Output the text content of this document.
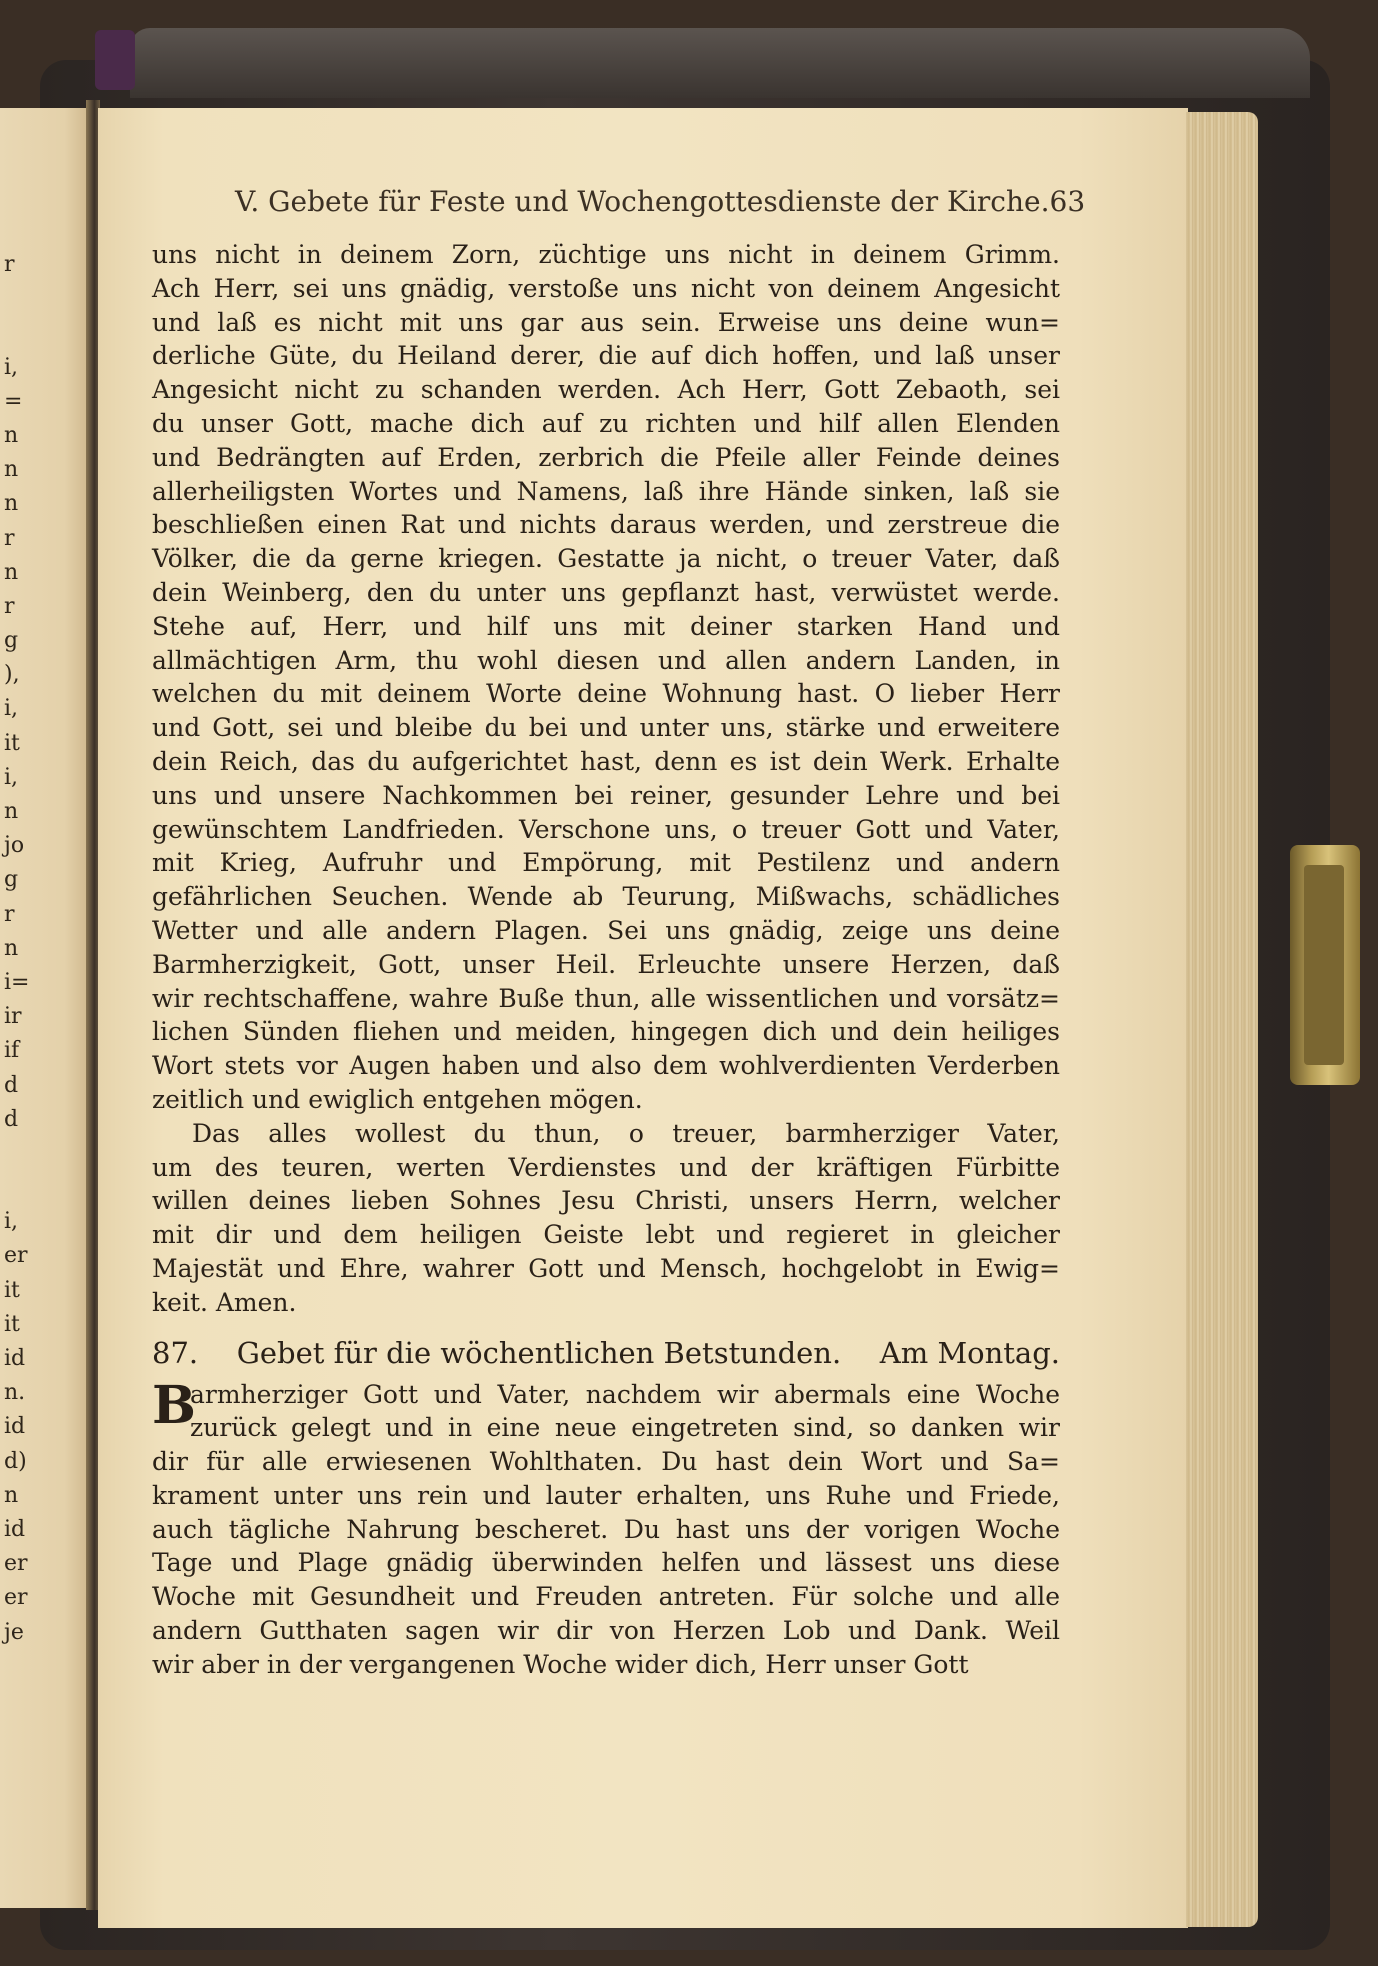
r
i,
=
n
n
n
r
n
r
g
),
i,
it
i,
n
jo
g
r
n
i=
ir
if
d
d
i,
er
it
it
id
n.
id
d)
n
id
er
er
je
V. Gebete für Feste und Wochengottesdienste der Kirche. 63
uns nicht in deinem Zorn, züchtige uns nicht in deinem Grimm.
Ach Herr, sei uns gnädig, verstoße uns nicht von deinem Angesicht
und laß es nicht mit uns gar aus sein. Erweise uns deine wun=
derliche Güte, du Heiland derer, die auf dich hoffen, und laß unser
Angesicht nicht zu schanden werden. Ach Herr, Gott Zebaoth, sei
du unser Gott, mache dich auf zu richten und hilf allen Elenden
und Bedrängten auf Erden, zerbrich die Pfeile aller Feinde deines
allerheiligsten Wortes und Namens, laß ihre Hände sinken, laß sie
beschließen einen Rat und nichts daraus werden, und zerstreue die
Völker, die da gerne kriegen. Gestatte ja nicht, o treuer Vater, daß
dein Weinberg, den du unter uns gepflanzt hast, verwüstet werde.
Stehe auf, Herr, und hilf uns mit deiner starken Hand und
allmächtigen Arm, thu wohl diesen und allen andern Landen, in
welchen du mit deinem Worte deine Wohnung hast. O lieber Herr
und Gott, sei und bleibe du bei und unter uns, stärke und erweitere
dein Reich, das du aufgerichtet hast, denn es ist dein Werk. Erhalte
uns und unsere Nachkommen bei reiner, gesunder Lehre und bei
gewünschtem Landfrieden. Verschone uns, o treuer Gott und Vater,
mit Krieg, Aufruhr und Empörung, mit Pestilenz und andern
gefährlichen Seuchen. Wende ab Teurung, Mißwachs, schädliches
Wetter und alle andern Plagen. Sei uns gnädig, zeige uns deine
Barmherzigkeit, Gott, unser Heil. Erleuchte unsere Herzen, daß
wir rechtschaffene, wahre Buße thun, alle wissentlichen und vorsätz=
lichen Sünden fliehen und meiden, hingegen dich und dein heiliges
Wort stets vor Augen haben und also dem wohlverdienten Verderben
zeitlich und ewiglich entgehen mögen.
Das alles wollest du thun, o treuer, barmherziger Vater,
um des teuren, werten Verdienstes und der kräftigen Fürbitte
willen deines lieben Sohnes Jesu Christi, unsers Herrn, welcher
mit dir und dem heiligen Geiste lebt und regieret in gleicher
Majestät und Ehre, wahrer Gott und Mensch, hochgelobt in Ewig=
keit. Amen.
87. Gebet für die wöchentlichen Betstunden. Am Montag.
B
armherziger Gott und Vater, nachdem wir abermals eine Woche
zurück gelegt und in eine neue eingetreten sind, so danken wir
dir für alle erwiesenen Wohlthaten. Du hast dein Wort und Sa=
krament unter uns rein und lauter erhalten, uns Ruhe und Friede,
auch tägliche Nahrung bescheret. Du hast uns der vorigen Woche
Tage und Plage gnädig überwinden helfen und lässest uns diese
Woche mit Gesundheit und Freuden antreten. Für solche und alle
andern Gutthaten sagen wir dir von Herzen Lob und Dank. Weil
wir aber in der vergangenen Woche wider dich, Herr unser Gott
